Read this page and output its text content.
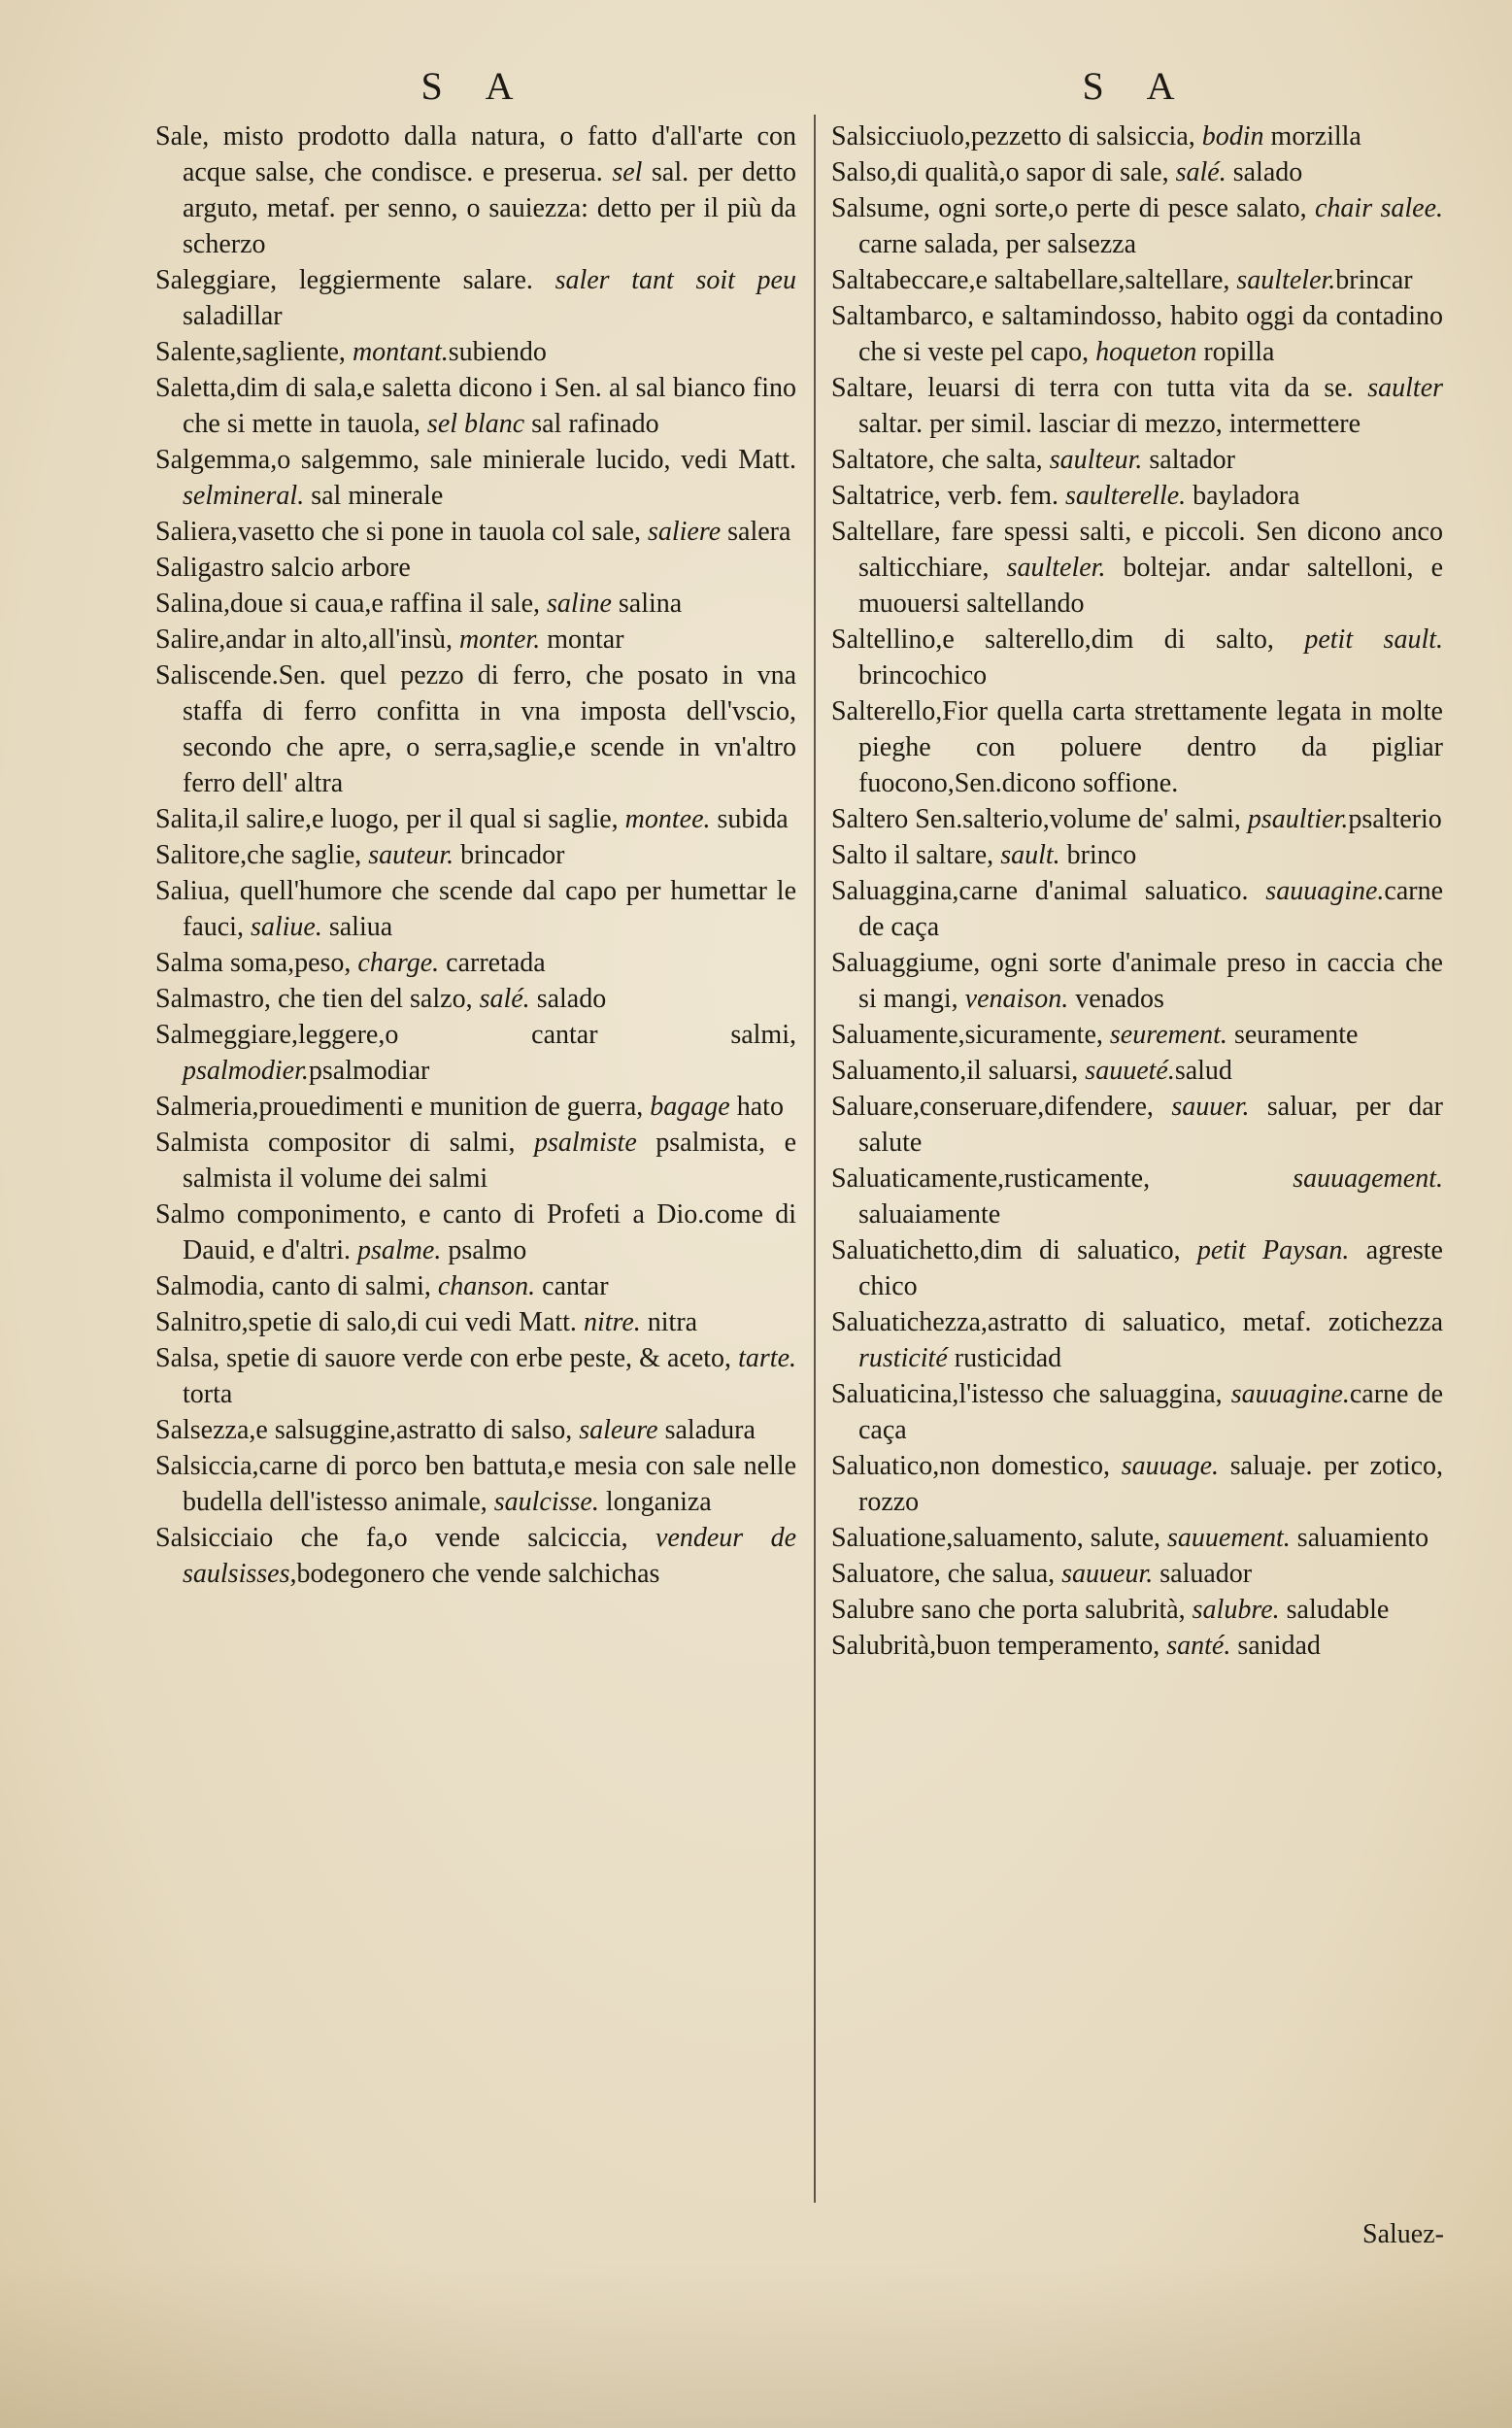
S A
Sale, misto prodotto dalla natura, o fatto d'all'arte con acque salse, che condisce. e preserua. sel sal. per detto arguto, metaf. per senno, o sauiezza: detto per il più da scherzo
Saleggiare, leggiermente salare. saler tant soit peu saladillar
Salente,sagliente, montant.subiendo
Saletta,dim di sala,e saletta dicono i Sen. al sal bianco fino che si mette in tauola, sel blanc sal rafinado
Salgemma,o salgemmo, sale minierale lucido, vedi Matt. selmineral. sal minerale
Saliera,vasetto che si pone in tauola col sale, saliere salera
Saligastro salcio arbore
Salina,doue si caua,e raffina il sale, saline salina
Salire,andar in alto,all'insù, monter. montar
Saliscende.Sen. quel pezzo di ferro, che posato in vna staffa di ferro confitta in vna imposta dell'vscio, secondo che apre, o serra,saglie,e scende in vn'altro ferro dell' altra
Salita,il salire,e luogo, per il qual si saglie, montee. subida
Salitore,che saglie, sauteur. brincador
Saliua, quell'humore che scende dal capo per humettar le fauci, saliue. saliua
Salma soma,peso, charge. carretada
Salmastro, che tien del salzo, salé. salado
Salmeggiare,leggere,o cantar salmi, psalmodier.psalmodiar
Salmeria,prouedimenti e munition de guerra, bagage hato
Salmista compositor di salmi, psalmiste psalmista, e salmista il volume dei salmi
Salmo componimento, e canto di Profeti a Dio.come di Dauid, e d'altri. psalme. psalmo
Salmodia, canto di salmi, chanson. cantar
Salnitro,spetie di salo,di cui vedi Matt. nitre. nitra
Salsa, spetie di sauore verde con erbe peste, & aceto, tarte. torta
Salsezza,e salsuggine,astratto di salso, saleure saladura
Salsiccia,carne di porco ben battuta,e mesia con sale nelle budella dell'istesso animale, saulcisse. longaniza
Salsicciaio che fa,o vende salciccia, vendeur de saulsisses,bodegonero che vende salchichas
S A
Salsicciuolo,pezzetto di salsiccia, bodin morzilla
Salso,di qualità,o sapor di sale, salé. salado
Salsume, ogni sorte,o perte di pesce salato, chair salee. carne salada, per salsezza
Saltabeccare,e saltabellare,saltellare, saulteler.brincar
Saltambarco, e saltamindosso, habito oggi da contadino che si veste pel capo, hoqueton ropilla
Saltare, leuarsi di terra con tutta vita da se. saulter saltar. per simil. lasciar di mezzo, intermettere
Saltatore, che salta, saulteur. saltador
Saltatrice, verb. fem. saulterelle. bayladora
Saltellare, fare spessi salti, e piccoli. Sen dicono anco salticchiare, saulteler. boltejar. andar saltelloni, e muouersi saltellando
Saltellino,e salterello,dim di salto, petit sault. brincochico
Salterello,Fior quella carta strettamente legata in molte pieghe con poluere dentro da pigliar fuocono,Sen.dicono soffione.
Saltero Sen.salterio,volume de' salmi, psaultier.psalterio
Salto il saltare, sault. brinco
Saluaggina,carne d'animal saluatico. sauuagine.carne de caça
Saluaggiume, ogni sorte d'animale preso in caccia che si mangi, venaison. venados
Saluamente,sicuramente, seurement. seuramente
Saluamento,il saluarsi, sauueté.salud
Saluare,conseruare,difendere, sauuer. saluar, per dar salute
Saluaticamente,rusticamente,	sauuagement. saluaiamente
Saluatichetto,dim di saluatico, petit Paysan. agreste chico
Saluatichezza,astratto di saluatico, metaf. zotichezza rusticité rusticidad
Saluaticina,l'istesso che saluaggina, sauuagine.carne de caça
Saluatico,non domestico, sauuage. saluaje. per zotico, rozzo
Saluatione,saluamento, salute, sauuement. saluamiento
Saluatore, che salua, sauueur. saluador
Salubre sano che porta salubrità, salubre. saludable
Salubrità,buon temperamento, santé. sanidad
Saluez-
